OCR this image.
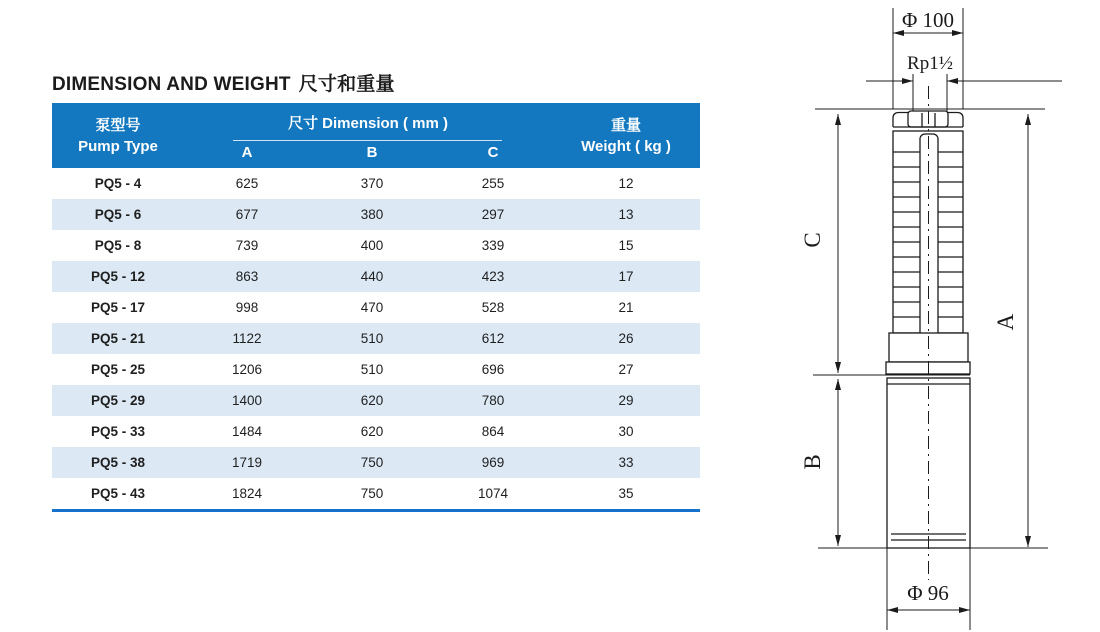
DIMENSION AND WEIGHT 尺寸和重量
泵型号
Pump Type
尺寸 Dimension ( mm )
A	B	C
重量
Weight ( kg )
PQ5 - 4	625	370	255	12
PQ5 - 6	677	380	297	13
PQ5 - 8	739	400	339	15
PQ5 - 12	863	440	423	17
PQ5 - 17	998	470	528	21
PQ5 - 21	1122	510	612	26
PQ5 - 25	1206	510	696	27
PQ5 - 29	1400	620	780	29
PQ5 - 33	1484	620	864	30
PQ5 - 38	1719	750	969	33
PQ5 - 43	1824	750	1074	35
Φ 100
Rp1½
C
B
A
Φ 96
